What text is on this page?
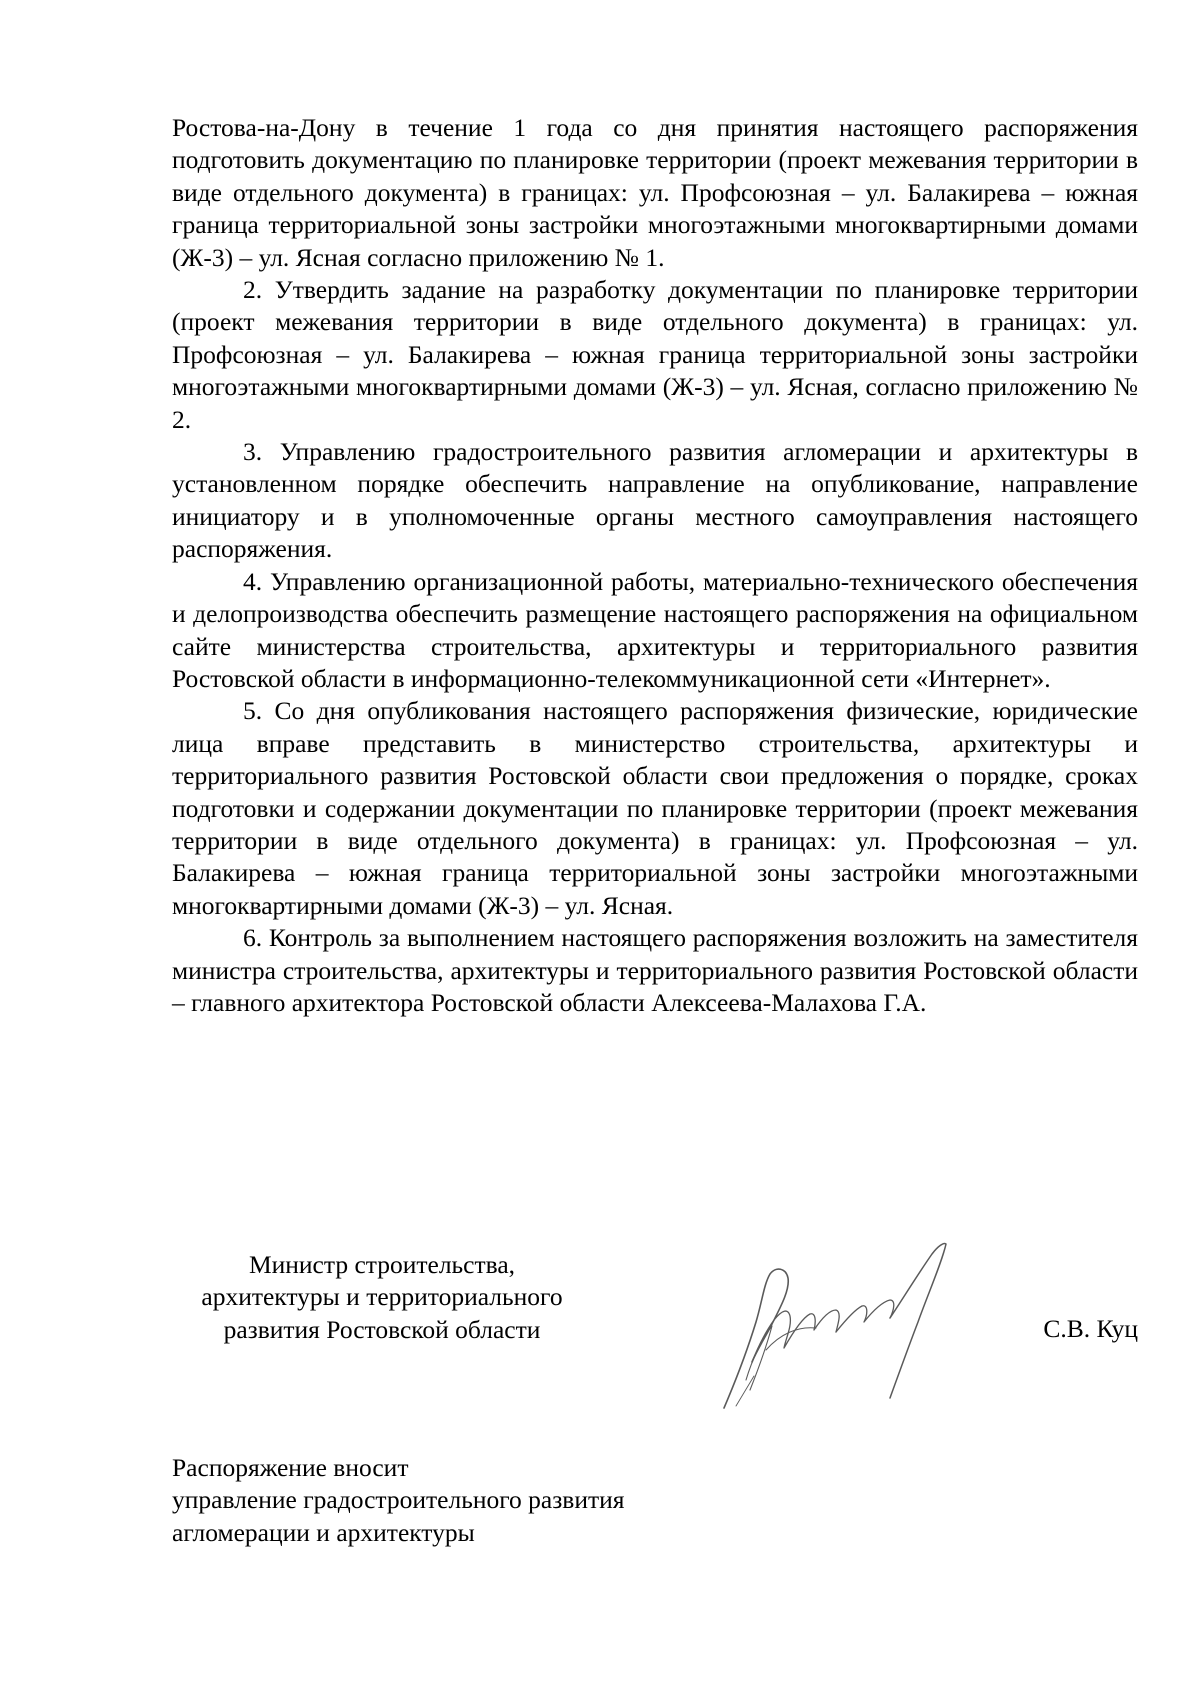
Ростова-на-Дону в течение 1 года со дня принятия настоящего распоряжения подготовить документацию по планировке территории (проект межевания территории в виде отдельного документа) в границах: ул. Профсоюзная – ул. Балакирева – южная граница территориальной зоны застройки многоэтажными многоквартирными домами (Ж-3) – ул. Ясная согласно приложению № 1.

2. Утвердить задание на разработку документации по планировке территории (проект межевания территории в виде отдельного документа) в границах: ул. Профсоюзная – ул. Балакирева – южная граница территориальной зоны застройки многоэтажными многоквартирными домами (Ж-3) – ул. Ясная, согласно приложению № 2.

3. Управлению градостроительного развития агломерации и архитектуры в установленном порядке обеспечить направление на опубликование, направление инициатору и в уполномоченные органы местного самоуправления настоящего распоряжения.

4. Управлению организационной работы, материально-технического обеспечения и делопроизводства обеспечить размещение настоящего распоряжения на официальном сайте министерства строительства, архитектуры и территориального развития Ростовской области в информационно-телекоммуникационной сети «Интернет».

5. Со дня опубликования настоящего распоряжения физические, юридические лица вправе представить в министерство строительства, архитектуры и территориального развития Ростовской области свои предложения о порядке, сроках подготовки и содержании документации по планировке территории (проект межевания территории в виде отдельного документа) в границах: ул. Профсоюзная – ул. Балакирева – южная граница территориальной зоны застройки многоэтажными многоквартирными домами (Ж-3) – ул. Ясная.

6. Контроль за выполнением настоящего распоряжения возложить на заместителя министра строительства, архитектуры и территориального развития Ростовской области – главного архитектора Ростовской области Алексеева-Малахова Г.А.

Министр строительства,
архитектуры и территориального
развития Ростовской области	С.В. Куц
Распоряжение вносит
управление градостроительного развития
агломерации и архитектуры
